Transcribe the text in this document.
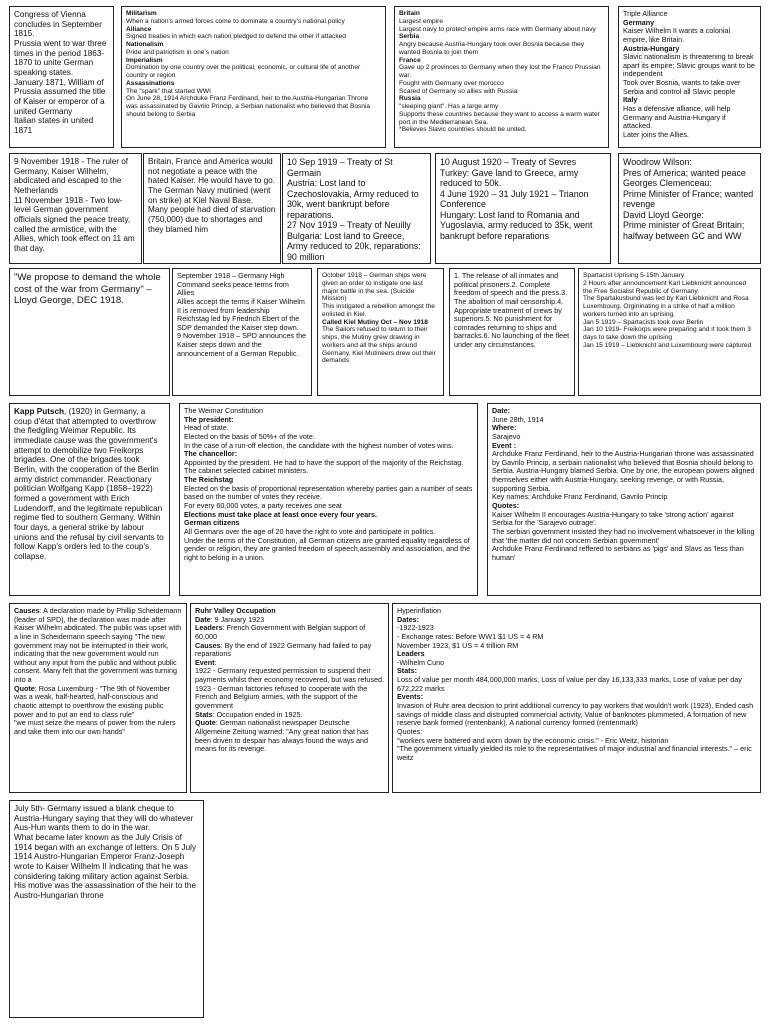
Congress of Vienna concludes in September 1815.
Prussia went to war three times in the period 1863-1870 to unite German speaking states.
January 1871, William of Prussia assumed the title of Kaiser or emperor of a united Germany
Italian states in united 1871

Militarism

When a nation's armed forces come to dominate a country's national policy

Alliance

Signed treaties in which each nation pledged to defend the other if attacked

Nationalism

Pride and patriotism in one's nation

Imperialism

Domination by one country over the political, economic, or cultural life of another country or region

Assassinations

The "spark" that started WWI
On June 28, 1914 Archduke Franz Ferdinand, heir to the Austria-Hungarian Throne was assassinated by Gavrilo Princip, a Serbian nationalist who believed that Bosnia should belong to Serbia

Britain

Largest empire
Largest navy to protect empire arms race with Germany about navy

Serbia

Angry because Austria-Hungary took over Bosnia because they wanted Bosnia to join them

France

Gave up 2 provinces to Germany when they lost the Franco Prussian war.
Fought with Germany over morocco
Scared of Germany so allies with Russia

Russia

"sleeping giant". Has a large army
Supports these countries because they want to access a warm water port in the Mediterranean Sea.
*Believes Slavic countries should be united.

Triple Alliance

Germany

Kaiser Wilhelm II wants a colonial empire, like Britain.

Austria-Hungary

Slavic nationalism is threatening to break apart its empire; Slavic groups want to be independent
Took over Bosnia, wants to take over Serbia and control all Slavic people

Italy

Has a defensive alliance, will help Germany and Austria-Hungary if attacked.
Later joins the Allies.

9 November 1918 - The ruler of Germany, Kaiser Wilhelm, abdicated and escaped to the Netherlands
11 November 1918 - Two low-level German government officials signed the peace treaty, called the armistice, with the Allies, which took effect on 11 am that day.

Britain, France and America would not negotiate a peace with the hated Kaiser. He would have to go.
The German Navy mutinied (went on strike) at Kiel Naval Base.
Many people had died of starvation (750,000) due to shortages and they blamed him

10 Sep 1919 – Treaty of St Germain
Austria: Lost land to Czechoslovakia, Army reduced to 30k, went bankrupt before reparations.
27 Nov 1919 – Treaty of Neuilly
Bulgaria: Lost land to Greece, Army reduced to 20k, reparations: 90 million

10 August 1920 – Treaty of Sevres
Turkey: Gave land to Greece, army reduced to 50k.
4 June 1920 – 31 July 1921 – Trianon Conference
Hungary: Lost land to Romania and Yugoslavia, army reduced to 35k, went bankrupt before reparations

Woodrow Wilson:
Pres of America; wanted peace
Georges Clemenceau:
Prime Minister of France; wanted revenge
David Lloyd George:
Prime minister of Great Britain; halfway between GC and WW

"We propose to demand the whole cost of the war from Germany" – Lloyd George, DEC 1918.

September 1918 – Germany High Command seeks peace terms from Allies
Allies accept the terms if Kaiser Wilhelm II is removed from leadership
Reichstag led by Friedrich Ebert of the SDP demanded the Kaiser step down.
9 November 1918 – SPD announces the Kaiser steps down and the announcement of a German Republic.

October 1918 – German ships were given an order to instigate one last major battle in the sea. (Suicide Mission)
This instigated a rebellion amongst the enlisted in Kiel.

Called Kiel Mutiny Oct – Nov 1918

The Sailors refused to return to their ships, the Mutiny grew drawing in workers and all the ships around Germany. Kiel Mutineers drew out their demands

1. The release of all inmates and political prisoners.2. Complete freedom of speech and the press.3. The abolition of mail censorship.4. Appropriate treatment of crews by superiors.5. No punishment for comrades returning to ships and barracks.6. No launching of the fleet under any circumstances.

Spartacist Uprising 5-15th January
2 Hours after announcement Karl Liebknicht announced the Free Socialist Republic of Germany.

The Spartakusbund was led by Karl Liebknicht and Rosa Luxembourg. Orgininating in a strike of half a million workers turned into an uprising.
Jan 5 1919 – Spartacists took over Berlin
Jan 10 1919- Freikorps were preparing and it took them 3 days to take down the uprising
Jan 15 1919 – Liebknicht and Luxembourg were captured

Kapp Putsch, (1920) in Germany, a coup d'état that attempted to overthrow the fledgling Weimar Republic. Its immediate cause was the government's attempt to demobilize two Freikorps brigades. One of the brigades took Berlin, with the cooperation of the Berlin army district commander. Reactionary politician Wolfgang Kapp (1858–1922) formed a government with Erich Ludendorff, and the legitimate republican regime fled to southern Germany. Within four days, a general strike by labour unions and the refusal by civil servants to follow Kapp's orders led to the coup's collapse.

The Weimar Constitution

The president:

Head of state.
Elected on the basis of 50%+ of the vote.
In the case of a run-off election, the candidate with the highest number of votes wins.

The chancellor:

Appointed by the president. He had to have the support of the majority of the Reichstag. The cabinet selected cabinet ministers.

The Reichstag

Elected on the basis of proportional representation whereby parties gain a number of seats based on the number of votes they receive.
For every 60,000 votes, a party receives one seat

Elections must take place at least once every four years.
German citizens

All Germans over the age of 20 have the right to vote and participate in politics.
Under the terms of the Constitution, all German citizens are granted equality regardless of gender or religion, they are granted freedom of speech,assembly and association, and the right to belong in a union.

Date:

June 28th, 1914

Where:

Sarajevo

Event :

Archduke Franz Ferdinand, heir to the Austria-Hungarian throne was assassinated by Gavrilo Princip, a serbain nationalist who believed that Bosnia should belong to Serbia. Austria-Hungary blamed Serbia. One by one, the european powers aligned themselves either with Austria-Hungary, seeking revenge, or with Russia, supporting Serbia.
Key names: Archduke Franz Ferdinand, Gavrilo Princip

Quotes:

Kaiser Wilhelm II encourages Austria-Hungary to take 'strong action' against Serbia for the 'Sarajevo outrage'.
The serbian government insisted they had no involvement whatsoever in the killing that 'the matter did not concern Serbian government'
Archduke Franz Ferdinand reffered to serbians as 'pigs' and Slavs as 'less than human'

Causes: A declaration made by Phillip Scheidemann (leader of SPD), the declaration was made after Kaiser Wilhelm abdicated. The public was upset with a line in Scheidemann speech saying "The new government may not be interrupted in their work, indicating that the new government would run without any input from the public and without public consent. Many felt that the government was turning into a

Quote: Rosa Luxemburg - "The 9th of November was a weak, half-hearted, half-conscious and chaotic attempt to overthrow the existing public power and to put an end to class rule"
"we must seize the means of power from the rulers and take them into our own hands"

Ruhr Valley Occupation

Date: 9 January 1923

Leaders: French Government with Belgian support of 60,000

Causes: By the end of 1922 Germany had failed to pay reparations

Event:
1922 - Germany requested permission to suspend their payments whilst their economy recovered, but was refused.
1923 - German factories refused to cooperate with the French and Belgium armies, with the support of the government

Stats: Occupation ended in 1925.

Quote: German nationalist newspaper Deutsche Allgemeine Zeitung warned: "Any great nation that has been driven to despair has always found the ways and means for its revenge.

Hyperinflation

Dates:

-1922-1923
- Exchange rates: Before WW1 $1 US = 4 RM
November 1923, $1 US = 4 trillion RM

Leaders

-Wilhelm Cuno

Stats:

Loss of value per month 484,000,000 marks, Loss of value per day 16,133,333 marks, Lose of value per day 672,222 marks

Events:

Invasion of Ruhr area decision to print additional currency to pay workers that wouldn't work (1923), Ended cash savings of middle class and distrupted commercial activity, Value of banknotes plummeted, A formation of new reserve bank formed (rentenbank), A national currency formed (rentenmark)
Quotes:
"workers were battered and worn down by the economic crisis." - Eric Weitz, historian
"The government virtually yielded its role to the representatives of major industrial and financial interests." – eric weitz

July 5th- Germany issued a blank cheque to Austria-Hungary saying that they will do whatever Aus-Hun wants them to do in the war.
What became later known as the July Crisis of 1914 began with an exchange of letters. On 5 July 1914 Austro-Hungarian Emperor Franz-Joseph wrote to Kaiser Wilhelm II indicating that he was considering taking military action against Serbia. His motive was the assassination of the heir to the Austro-Hungarian throne
